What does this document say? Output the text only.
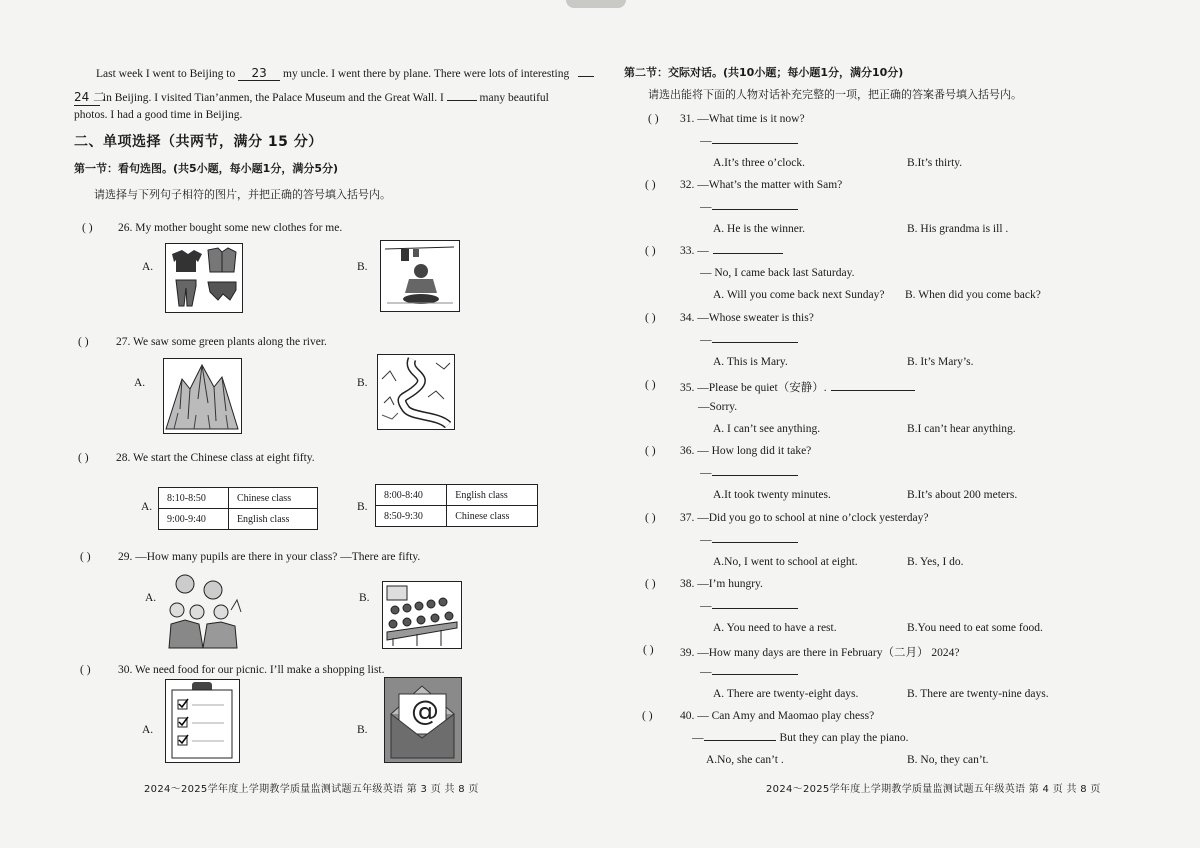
Last week I went to Beijing to 23 my uncle. I went there by plane. There were lots of interesting
24 二 in Beijing. I visited Tian’anmen, the Palace Museum and the Great Wall. I	many beautiful
photos. I had a good time in Beijing.
二、单项选择（共两节，满分 15 分）
第一节：看句选图。(共5小题，每小题1分，满分5分)
请选择与下列句子相符的图片，并把正确的答号填入括号内。
( ) 26. My mother bought some new clothes for me.
A.	B.
( ) 27. We saw some green plants along the river.
A.	B.
( ) 28. We start the Chinese class at eight fifty.
A.
8:10-8:50	Chinese class
9:00-9:40	English class
B.
8:00-8:40	English class
8:50-9:30	Chinese class
( ) 29. —How many pupils are there in your class? —There are fifty.
A.	B.
( ) 30. We need food for our picnic. I’ll make a shopping list.
A.	B.
@
2024～2025学年度上学期教学质量监测试题五年级英语 第 3 页 共 8 页
第二节：交际对话。(共10小题；每小题1分，满分10分)
请选出能将下面的人物对话补充完整的一项，把正确的答案番号填入括号内。
( ) 31. —What time is it now?
—
A.It’s three o’clock.	B.It’s thirty.
( ) 32. —What’s the matter with Sam?
—
A. He is the winner.	B. His grandma is ill .
( ) 33. —
— No, I came back last Saturday.
A. Will you come back next Sunday? B. When did you come back?
( ) 34. —Whose sweater is this?
—
A. This is Mary.	B. It’s Mary’s.
( ) 35. —Please be quiet（安静）.
—Sorry.
A. I can’t see anything.	B.I can’t hear anything.
( ) 36. — How long did it take?
—
A.It took twenty minutes.	B.It’s about 200 meters.
( ) 37. —Did you go to school at nine o’clock yesterday?
—
A.No, I went to school at eight.	B. Yes, I do.
( ) 38. —I’m hungry.
—
A. You need to have a rest.	B.You need to eat some food.
( ) 39. —How many days are there in February（二月） 2024?
—
A. There are twenty-eight days.	B. There are twenty-nine days.
( ) 40. — Can Amy and Maomao play chess?
—	But they can play the piano.
A.No, she can’t .	B. No, they can’t.
2024～2025学年度上学期教学质量监测试题五年级英语 第 4 页 共 8 页
